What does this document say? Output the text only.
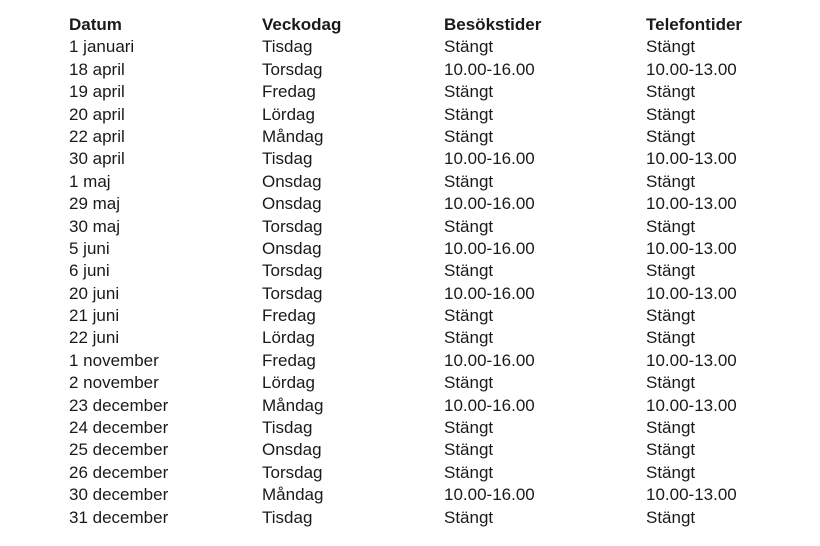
Datum	Veckodag	Besökstider	Telefontider
1 januari	Tisdag	Stängt	Stängt
18 april	Torsdag	10.00-16.00	10.00-13.00
19 april	Fredag	Stängt	Stängt
20 april	Lördag	Stängt	Stängt
22 april	Måndag	Stängt	Stängt
30 april	Tisdag	10.00-16.00	10.00-13.00
1 maj	Onsdag	Stängt	Stängt
29 maj	Onsdag	10.00-16.00	10.00-13.00
30 maj	Torsdag	Stängt	Stängt
5 juni	Onsdag	10.00-16.00	10.00-13.00
6 juni	Torsdag	Stängt	Stängt
20 juni	Torsdag	10.00-16.00	10.00-13.00
21 juni	Fredag	Stängt	Stängt
22 juni	Lördag	Stängt	Stängt
1 november	Fredag	10.00-16.00	10.00-13.00
2 november	Lördag	Stängt	Stängt
23 december	Måndag	10.00-16.00	10.00-13.00
24 december	Tisdag	Stängt	Stängt
25 december	Onsdag	Stängt	Stängt
26 december	Torsdag	Stängt	Stängt
30 december	Måndag	10.00-16.00	10.00-13.00
31 december	Tisdag	Stängt	Stängt
